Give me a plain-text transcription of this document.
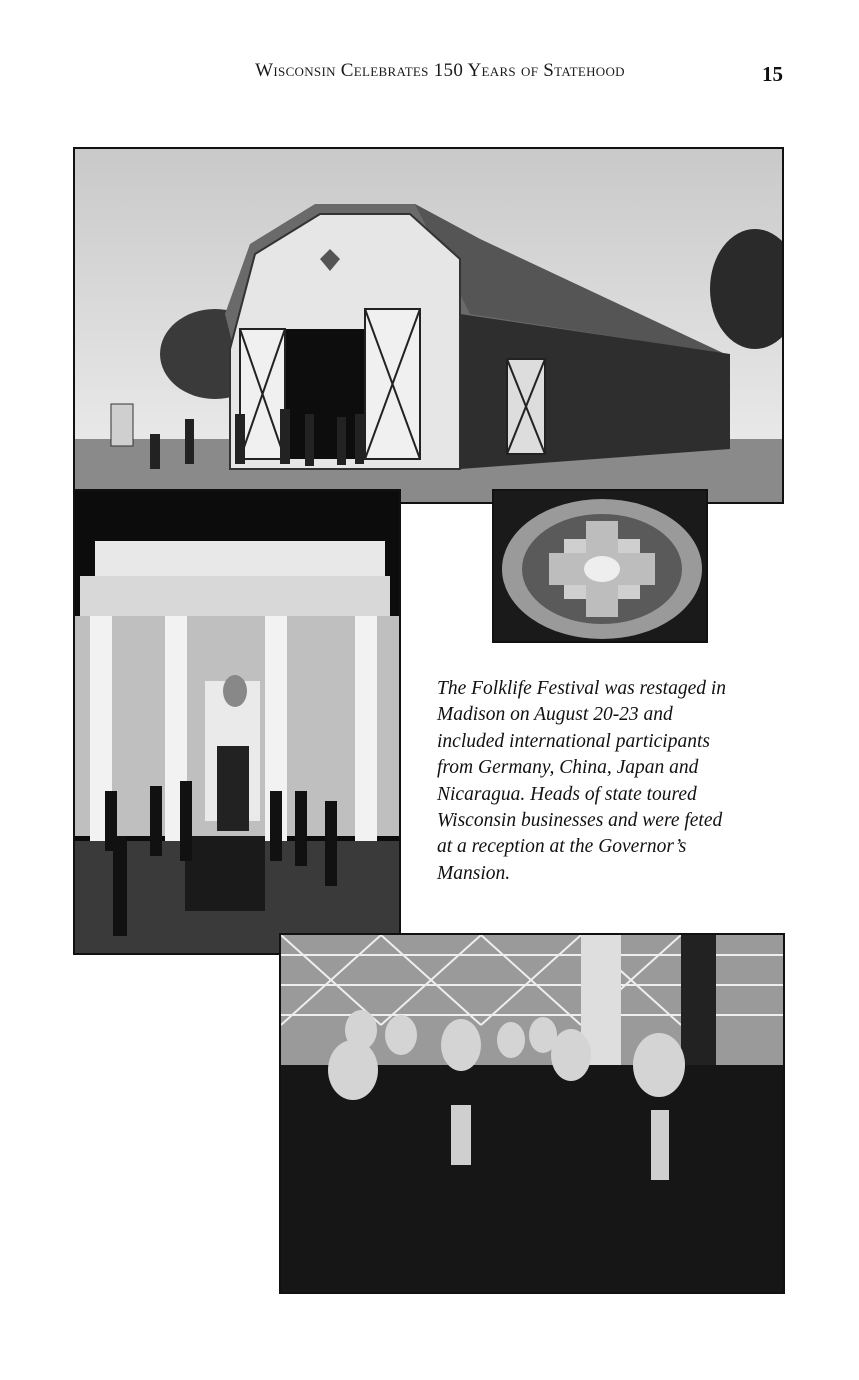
Wisconsin Celebrates 150 Years of Statehood	15
The Folklife Festival was restaged in
Madison on August 20-23 and
included international participants
from Germany, China, Japan and
Nicaragua. Heads of state toured
Wisconsin businesses and were feted
at a reception at the Governor’s
Mansion.
